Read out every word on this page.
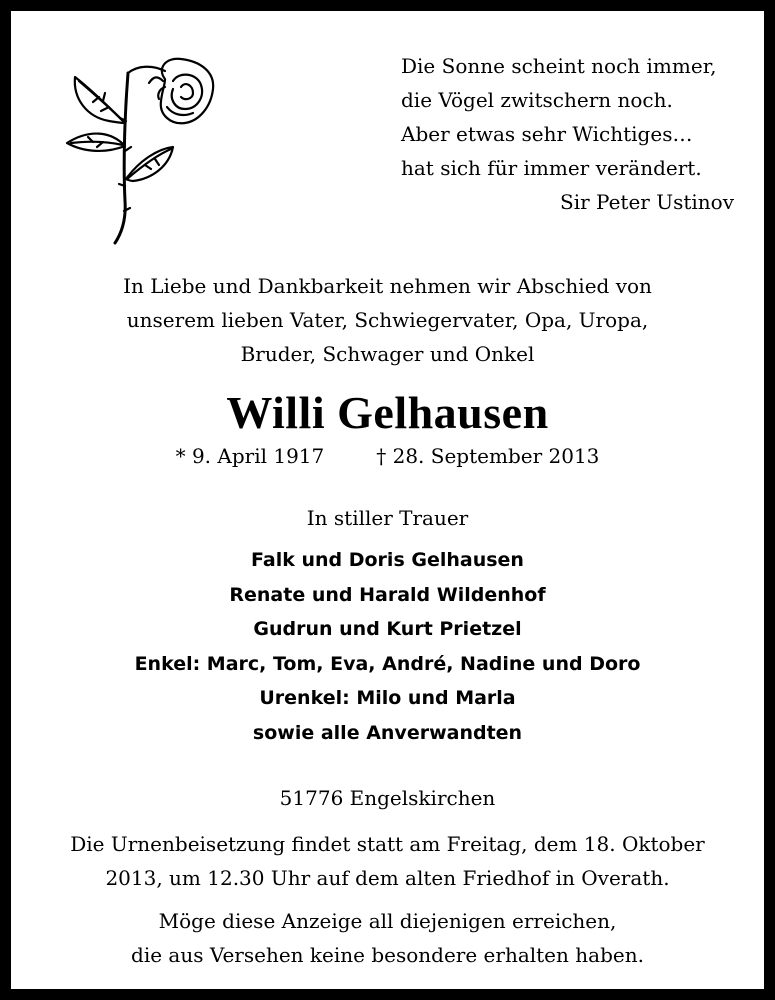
Die Sonne scheint noch immer,
die Vögel zwitschern noch.
Aber etwas sehr Wichtiges…
hat sich für immer verändert.
Sir Peter Ustinov
In Liebe und Dankbarkeit nehmen wir Abschied von
unserem lieben Vater, Schwiegervater, Opa, Uropa,
Bruder, Schwager und Onkel
Willi Gelhausen
* 9. April 1917	† 28. September 2013
In stiller Trauer
Falk und Doris Gelhausen
Renate und Harald Wildenhof
Gudrun und Kurt Prietzel
Enkel: Marc, Tom, Eva, André, Nadine und Doro
Urenkel: Milo und Marla
sowie alle Anverwandten
51776 Engelskirchen
Die Urnenbeisetzung findet statt am Freitag, dem 18. Oktober
2013, um 12.30 Uhr auf dem alten Friedhof in Overath.
Möge diese Anzeige all diejenigen erreichen,
die aus Versehen keine besondere erhalten haben.
